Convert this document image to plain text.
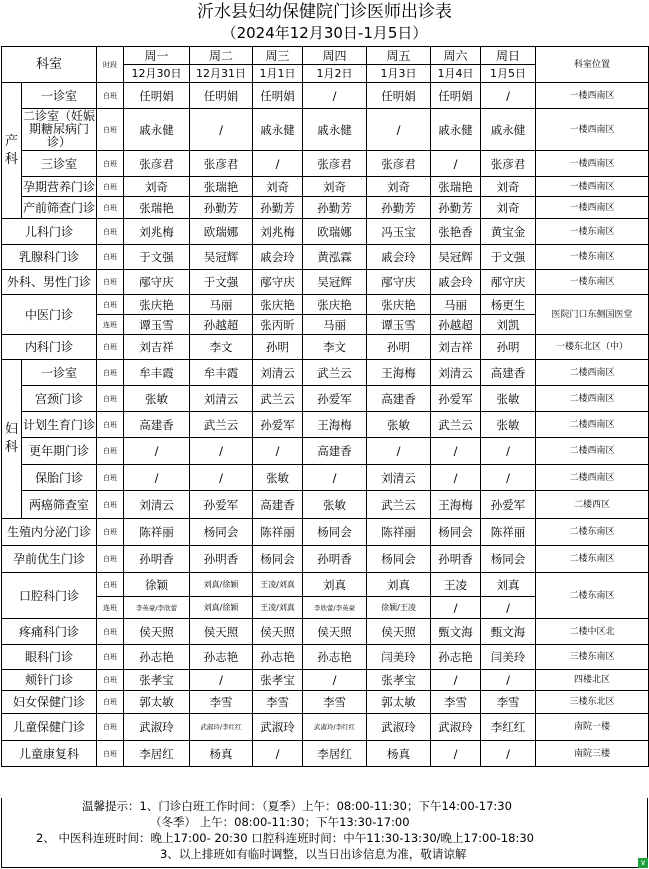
沂水县妇幼保健院门诊医师出诊表
（2024年12月30日-1月5日）
科室		时段	周一	周二	周三	周四	周五	周六	周日	科室位置
			12月30日	12月31日	1月1日	1月2日	1月3日	1月4日	1月5日	
产科	一诊室	白班	任明娟	任明娟	任明娟	/	任明娟	任明娟	/	一楼西南区
	二诊室（妊娠期糖尿病门诊）	白班	戚永健	/	戚永健	戚永健	/	戚永健	戚永健	一楼西南区
	三诊室	白班	张彦君	张彦君	/	张彦君	张彦君	/	张彦君	一楼西南区
	孕期营养门诊	白班	刘奇	张瑞艳	刘奇	刘奇	刘奇	张瑞艳	刘奇	一楼西南区
	产前筛查门诊	白班	张瑞艳	孙勤芳	孙勤芳	孙勤芳	孙勤芳	孙勤芳	刘奇	一楼西南区
儿科门诊		白班	刘兆梅	欧瑞娜	刘兆梅	欧瑞娜	冯玉宝	张艳香	黄宝金	一楼东南区
乳腺科门诊		白班	于文强	吴冠辉	戚会玲	黄泓霖	戚会玲	吴冠辉	于文强	一楼东南区
外科、男性门诊		白班	邴守庆	于文强	邴守庆	吴冠辉	邴守庆	戚会玲	邴守庆	一楼东南区
中医门诊		白班	张庆艳	马丽	张庆艳	张庆艳	张庆艳	马丽	杨更生	医院门口东侧国医堂
		连班	谭玉雪	孙越超	张丙昕	马丽	谭玉雪	孙越超	刘凯	
内科门诊		白班	刘吉祥	李文	孙明	李文	孙明	刘吉祥	孙明	一楼东北区（中）
妇科	一诊室	白班	牟丰霞	牟丰霞	刘清云	武兰云	王海梅	刘清云	高建香	二楼西南区
	宫颈门诊	白班	张敏	刘清云	武兰云	孙爱军	高建香	孙爱军	张敏	二楼西南区
	计划生育门诊	白班	高建香	武兰云	孙爱军	王海梅	张敏	武兰云	张敏	二楼西南区
	更年期门诊	白班	/	/	/	高建香	/	/	/	二楼西南区
	保胎门诊	白班	/	/	张敏	/	刘清云	/	/	二楼西南区
	两癌筛查室	白班	刘清云	孙爱军	高建香	张敏	武兰云	王海梅	孙爱军	二楼西区
生殖内分泌门诊		白班	陈祥丽	杨同会	陈祥丽	杨同会	陈祥丽	杨同会	陈祥丽	二楼东南区
孕前优生门诊		白班	孙明香	孙明香	杨同会	孙明香	杨同会	孙明香	杨同会	二楼东南区
口腔科门诊		白班	徐颖	刘真/徐颖	王凌/刘真	刘真	刘真	王凌	刘真	二楼东南区
		连班	李英豪/李欣蕾	刘真/徐颖	王凌/刘真	李欣蕾/李英豪	徐颖/王凌	/	/	
疼痛科门诊		白班	侯天照	侯天照	侯天照	侯天照	侯天照	甄文海	甄文海	二楼中区北
眼科门诊		白班	孙志艳	孙志艳	孙志艳	孙志艳	闫美玲	孙志艳	闫美玲	三楼东南区
颊针门诊		白班	张孝宝	/	张孝宝	/	张孝宝	/	/	四楼北区
妇女保健门诊		白班	郭太敏	李雪	李雪	李雪	郭太敏	李雪	李雪	三楼东北区
儿童保健门诊		白班	武淑玲	武淑玲/李红红	武淑玲	武淑玲/李红红	武淑玲	武淑玲	李红红	南院一楼
儿童康复科		白班	李居红	杨真	/	李居红	杨真	/	/	南院三楼
温馨提示：1、门诊白班工作时间：（夏季）上午：08:00-11:30；下午14:00-17:30
（冬季） 上午：08:00-11:30；下午13:30-17:00
2、 中医科连班时间：晚上17:00- 20:30 口腔科连班时间：中午11:30-13:30/晚上17:00-18:30
3、以上排班如有临时调整，以当日出诊信息为准，敬请谅解
∨
